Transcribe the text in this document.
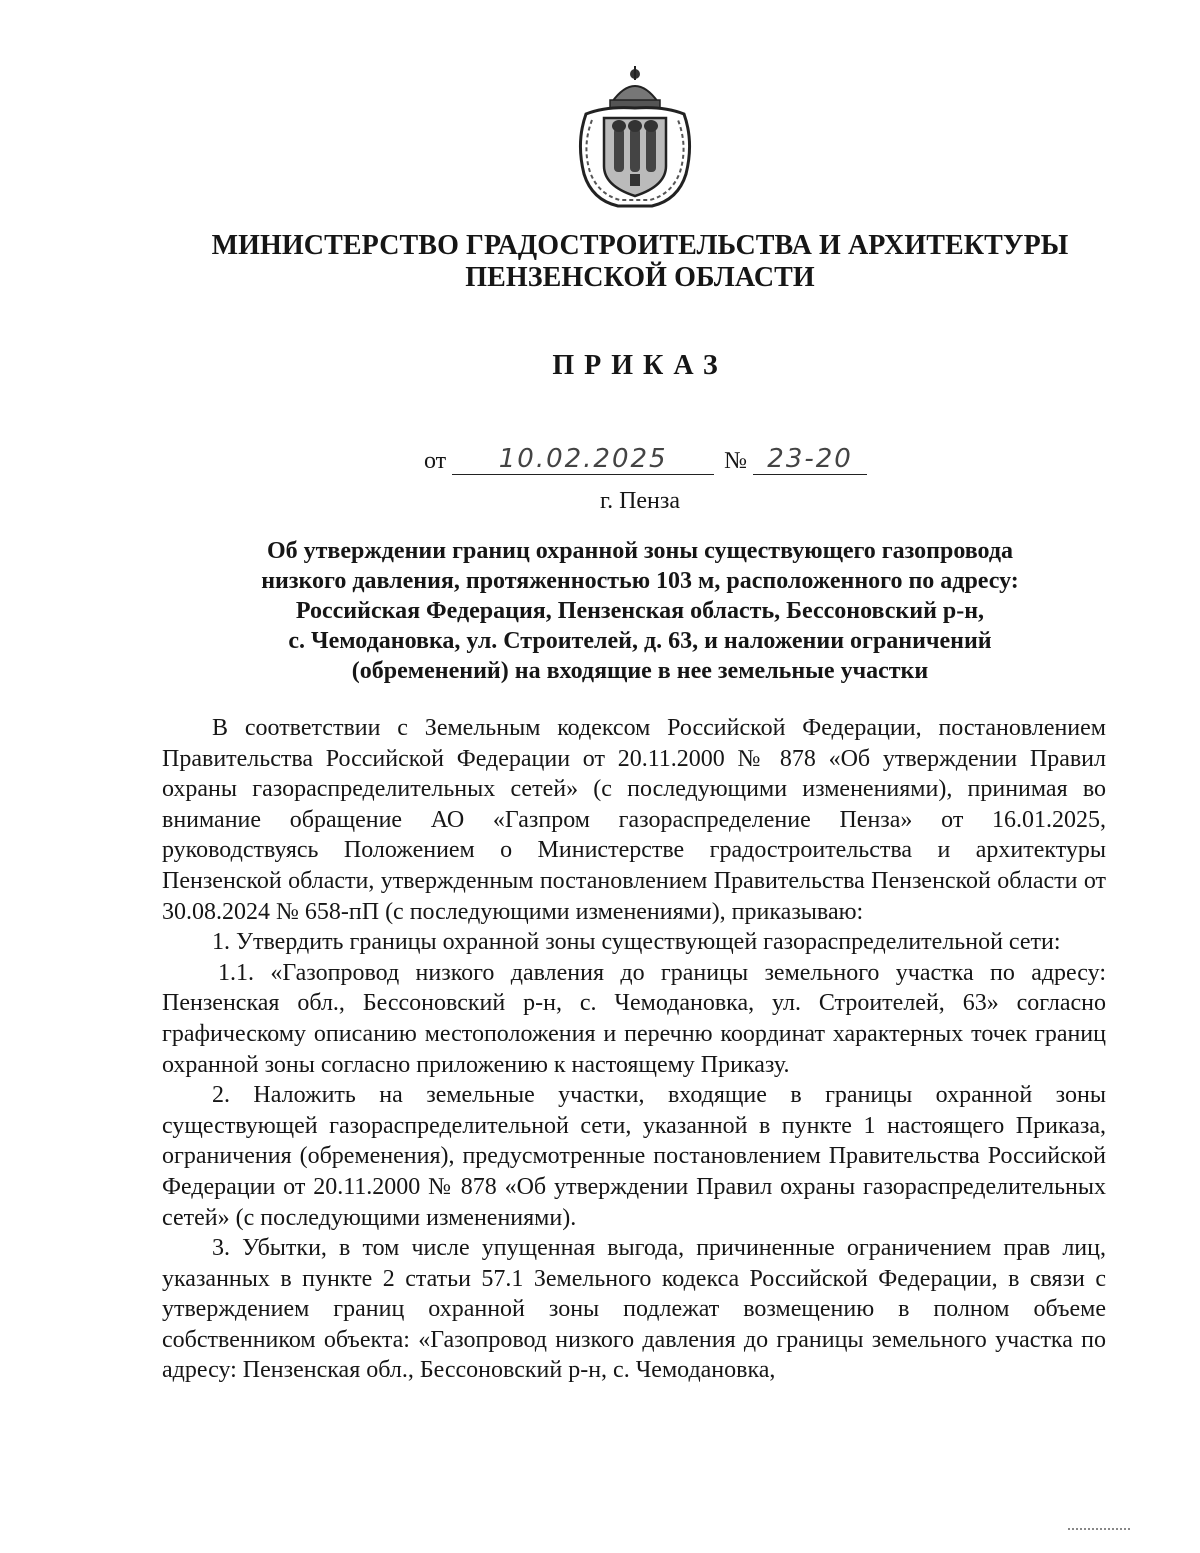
МИНИСТЕРСТВО ГРАДОСТРОИТЕЛЬСТВА И АРХИТЕКТУРЫ
ПЕНЗЕНСКОЙ ОБЛАСТИ
ПРИКАЗ
от	10.02.2025	№ 23-20
г. Пенза
Об утверждении границ охранной зоны существующего газопровода
низкого давления, протяженностью 103 м, расположенного по адресу:
Российская Федерация, Пензенская область, Бессоновский р-н,
с. Чемодановка, ул. Строителей, д. 63, и наложении ограничений
(обременений) на входящие в нее земельные участки

В соответствии с Земельным кодексом Российской Федерации, постановлением Правительства Российской Федерации от 20.11.2000 № 878 «Об утверждении Правил охраны газораспределительных сетей» (с последующими изменениями), принимая во внимание обращение АО «Газпром газораспределение Пенза» от 16.01.2025, руководствуясь Положением о Министерстве градостроительства и архитектуры Пензенской области, утвержденным постановлением Правительства Пензенской области от 30.08.2024 № 658-пП (с последующими изменениями), приказываю:

1. Утвердить границы охранной зоны существующей газораспределительной сети:

1.1. «Газопровод низкого давления до границы земельного участка по адресу: Пензенская обл., Бессоновский р-н, с. Чемодановка, ул. Строителей, 63» согласно графическому описанию местоположения и перечню координат характерных точек границ охранной зоны согласно приложению к настоящему Приказу.

2. Наложить на земельные участки, входящие в границы охранной зоны существующей газораспределительной сети, указанной в пункте 1 настоящего Приказа, ограничения (обременения), предусмотренные постановлением Правительства Российской Федерации от 20.11.2000 № 878 «Об утверждении Правил охраны газораспределительных сетей» (с последующими изменениями).

3. Убытки, в том числе упущенная выгода, причиненные ограничением прав лиц, указанных в пункте 2 статьи 57.1 Земельного кодекса Российской Федерации, в связи с утверждением границ охранной зоны подлежат возмещению в полном объеме собственником объекта: «Газопровод низкого давления до границы земельного участка по адресу: Пензенская обл., Бессоновский р-н, с. Чемодановка,
